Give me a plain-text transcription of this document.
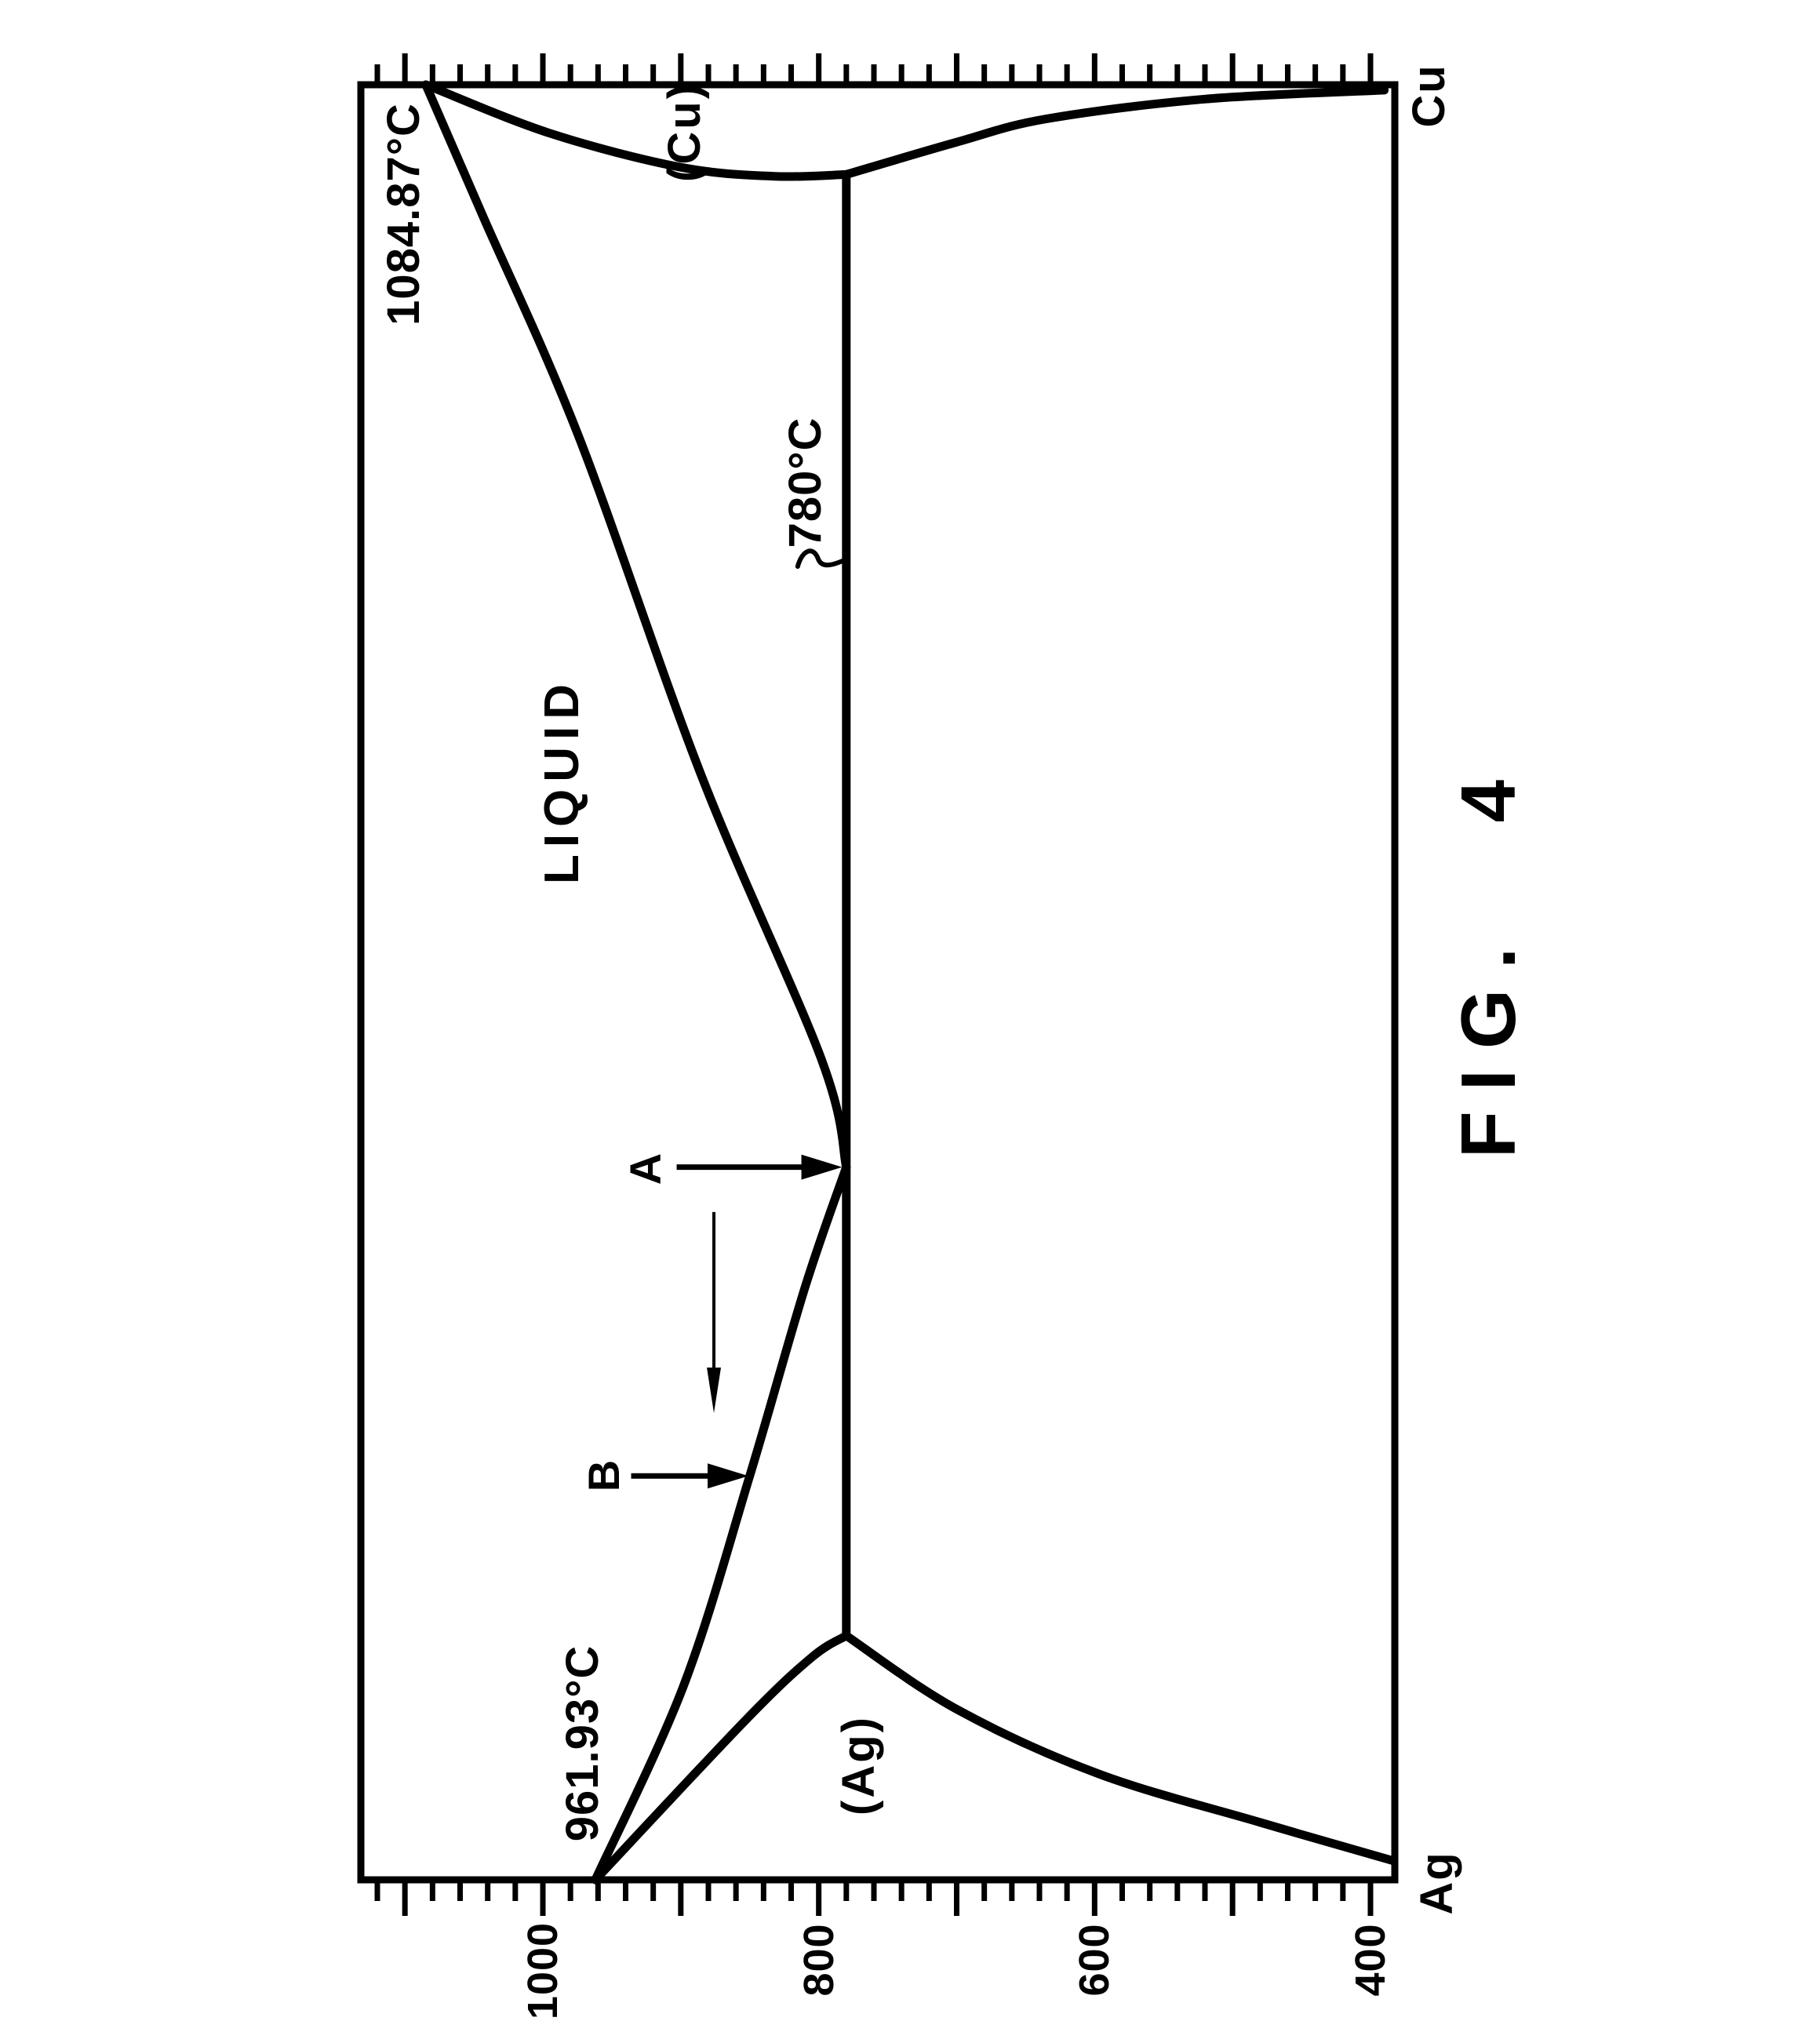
1084.87°C	(Cu)
780°C
LIQUID
A
B
961.93°C	(Ag)
Ag
Cu
FIG. 4
1000	800	600	400
